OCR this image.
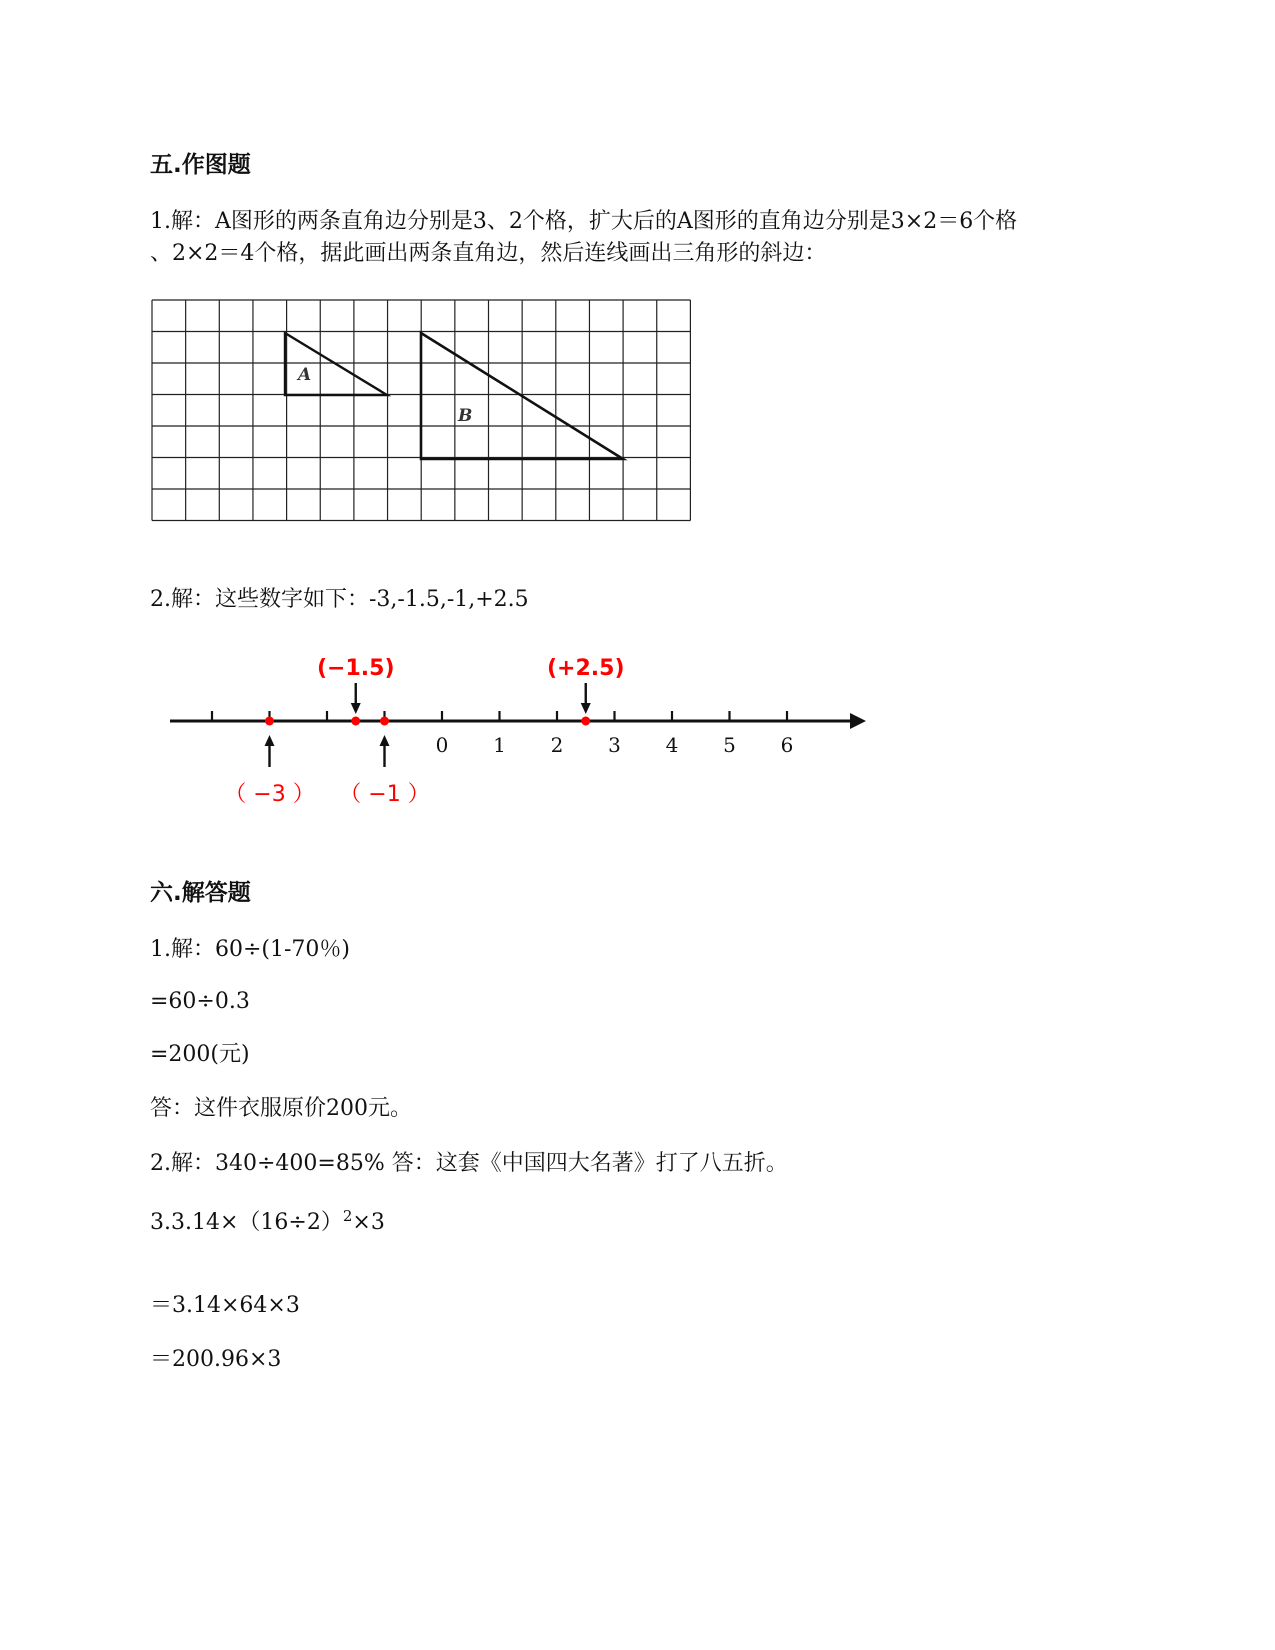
五.作图题
1.解：A图形的两条直角边分别是3、2个格，扩大后的A图形的直角边分别是3×2＝6个格
、2×2＝4个格，据此画出两条直角边，然后连线画出三角形的斜边：
A
B
2.解：这些数字如下：-3,-1.5,-1,+2.5
0 1 2 3 4 5 6
（ −3 ）
(−1.5)
（ −1 ）
(+2.5)
六.解答题
1.解：60÷(1-70％)
=60÷0.3
=200(元)
答：这件衣服原价200元。
2.解：340÷400=85% 答：这套《中国四大名著》打了八五折。
$3.3.14\times(16\div 2)^2\times 3$
＝3.14×64×3
＝200.96×3
